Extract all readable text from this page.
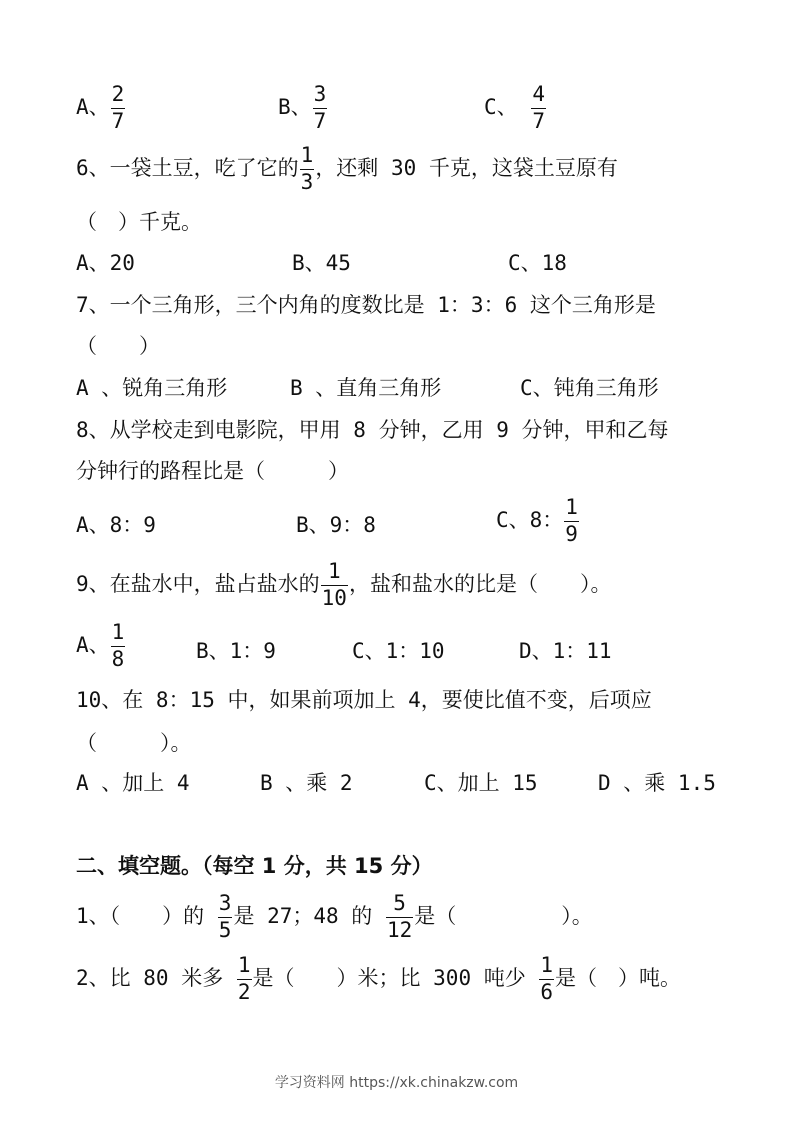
A、 $\frac{2}{7}$	B、 $\frac{3}{7}$	C、 $\frac{4}{7}$
6、一袋土豆，吃了它的 $\frac{1}{3}$ ，还剩 30 千克，这袋土豆原有
（　）千克。
A、20	B、45	C、18
7、一个三角形，三个内角的度数比是 1：3：6 这个三角形是
（　　）
A 、锐角三角形	B 、直角三角形	C、钝角三角形
8、从学校走到电影院，甲用 8 分钟，乙用 9 分钟，甲和乙每
分钟行的路程比是（　　　）
A、8：9	B、9：8	C、8： $\frac{1}{9}$
9、在盐水中，盐占盐水的 $\frac{1}{10}$ ，盐和盐水的比是（　　）。
A、 $\frac{1}{8}$	B、1：9	C、1：10	D、1：11
10、在 8：15 中，如果前项加上 4，要使比值不变，后项应
（　　　）。
A 、加上 4	B 、乘 2	C、加上 15	D 、乘 1.5
二、填空题。（每空 1 分，共 15 分）
1、（　　）的 $\frac{3}{5}$ 是 27；48 的 $\frac{5}{12}$ 是（　　　　　）。
2、比 80 米多 $\frac{1}{2}$ 是（　　）米；比 300 吨少 $\frac{1}{6}$ 是（　）吨。
学习资料网 https://xk.chinakzw.com
